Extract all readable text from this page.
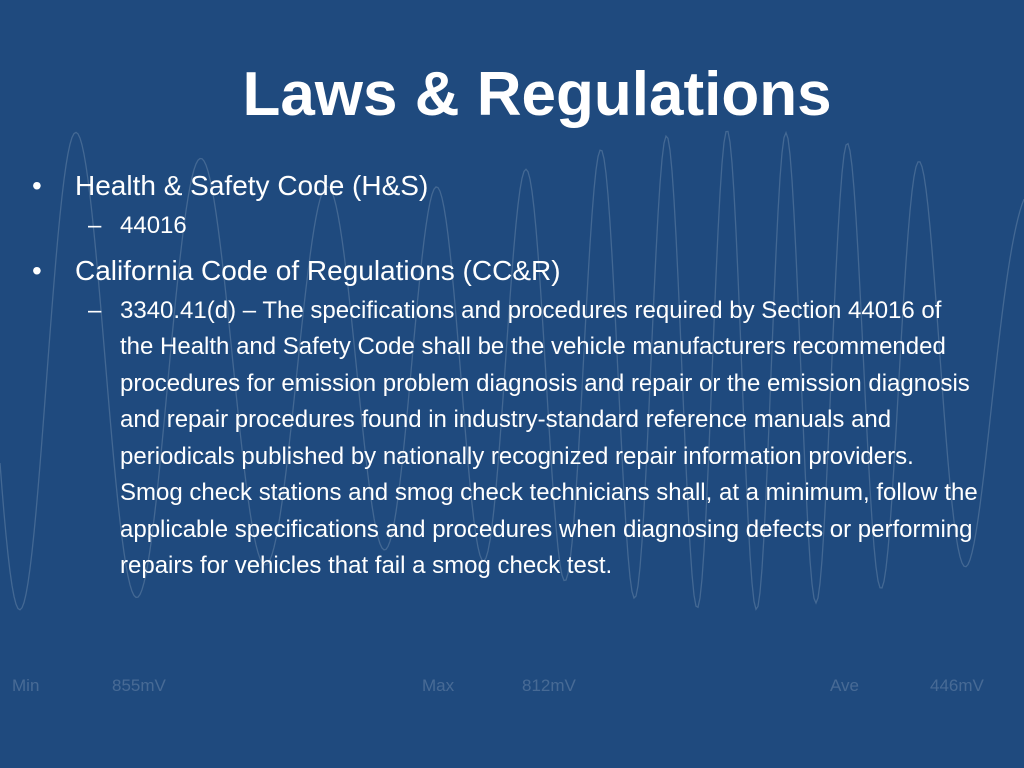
Min	855mV	Max	812mV	Ave	446mV
Laws & Regulations
•	Health & Safety Code (H&S)
– 44016
•	California Code of Regulations (CC&R)
– 3340.41(d) – The specifications and procedures required by Section 44016 of the Health and Safety Code shall be the vehicle manufacturers recommended procedures for emission problem diagnosis and repair or the emission diagnosis and repair procedures found in industry-standard reference manuals and periodicals published by nationally recognized repair information providers. Smog check stations and smog check technicians shall, at a minimum, follow the applicable specifications and procedures when diagnosing defects or performing repairs for vehicles that fail a smog check test.
